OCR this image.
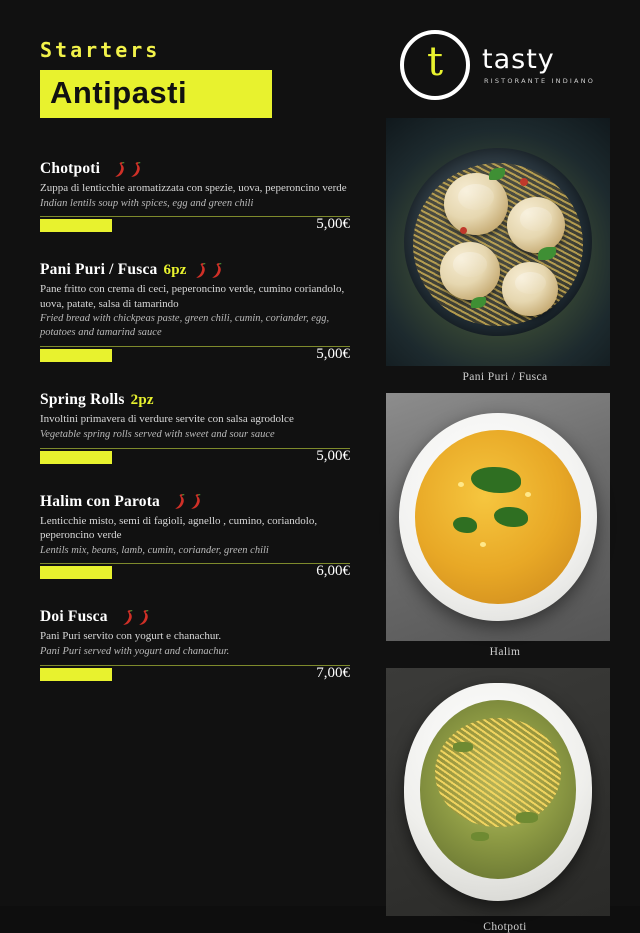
Starters
Antipasti
Chotpoti
Zuppa di lenticchie aromatizzata con spezie, uova, peperoncino verde
Indian lentils soup with spices, egg and green chili
5,00€
Pani Puri / Fusca 6pz
Pane fritto con crema di ceci, peperoncino verde, cumino coriandolo, uova, patate, salsa di tamarindo
Fried bread with chickpeas paste, green chili, cumin, coriander, egg, potatoes and tamarind sauce
5,00€
Spring Rolls 2pz
Involtini primavera di verdure servite con salsa agrodolce
Vegetable spring rolls served with sweet and sour sauce
5,00€
Halim con Parota
Lenticchie misto, semi di fagioli, agnello , cumino, coriandolo, peperoncino verde
Lentils mix, beans, lamb, cumin, coriander, green chili
6,00€
Doi Fusca
Pani Puri servito con yogurt e chanachur.
Pani Puri served with yogurt and chanachur.
7,00€
t tasty
RISTORANTE INDIANO
Pani Puri / Fusca
Halim
Chotpoti
